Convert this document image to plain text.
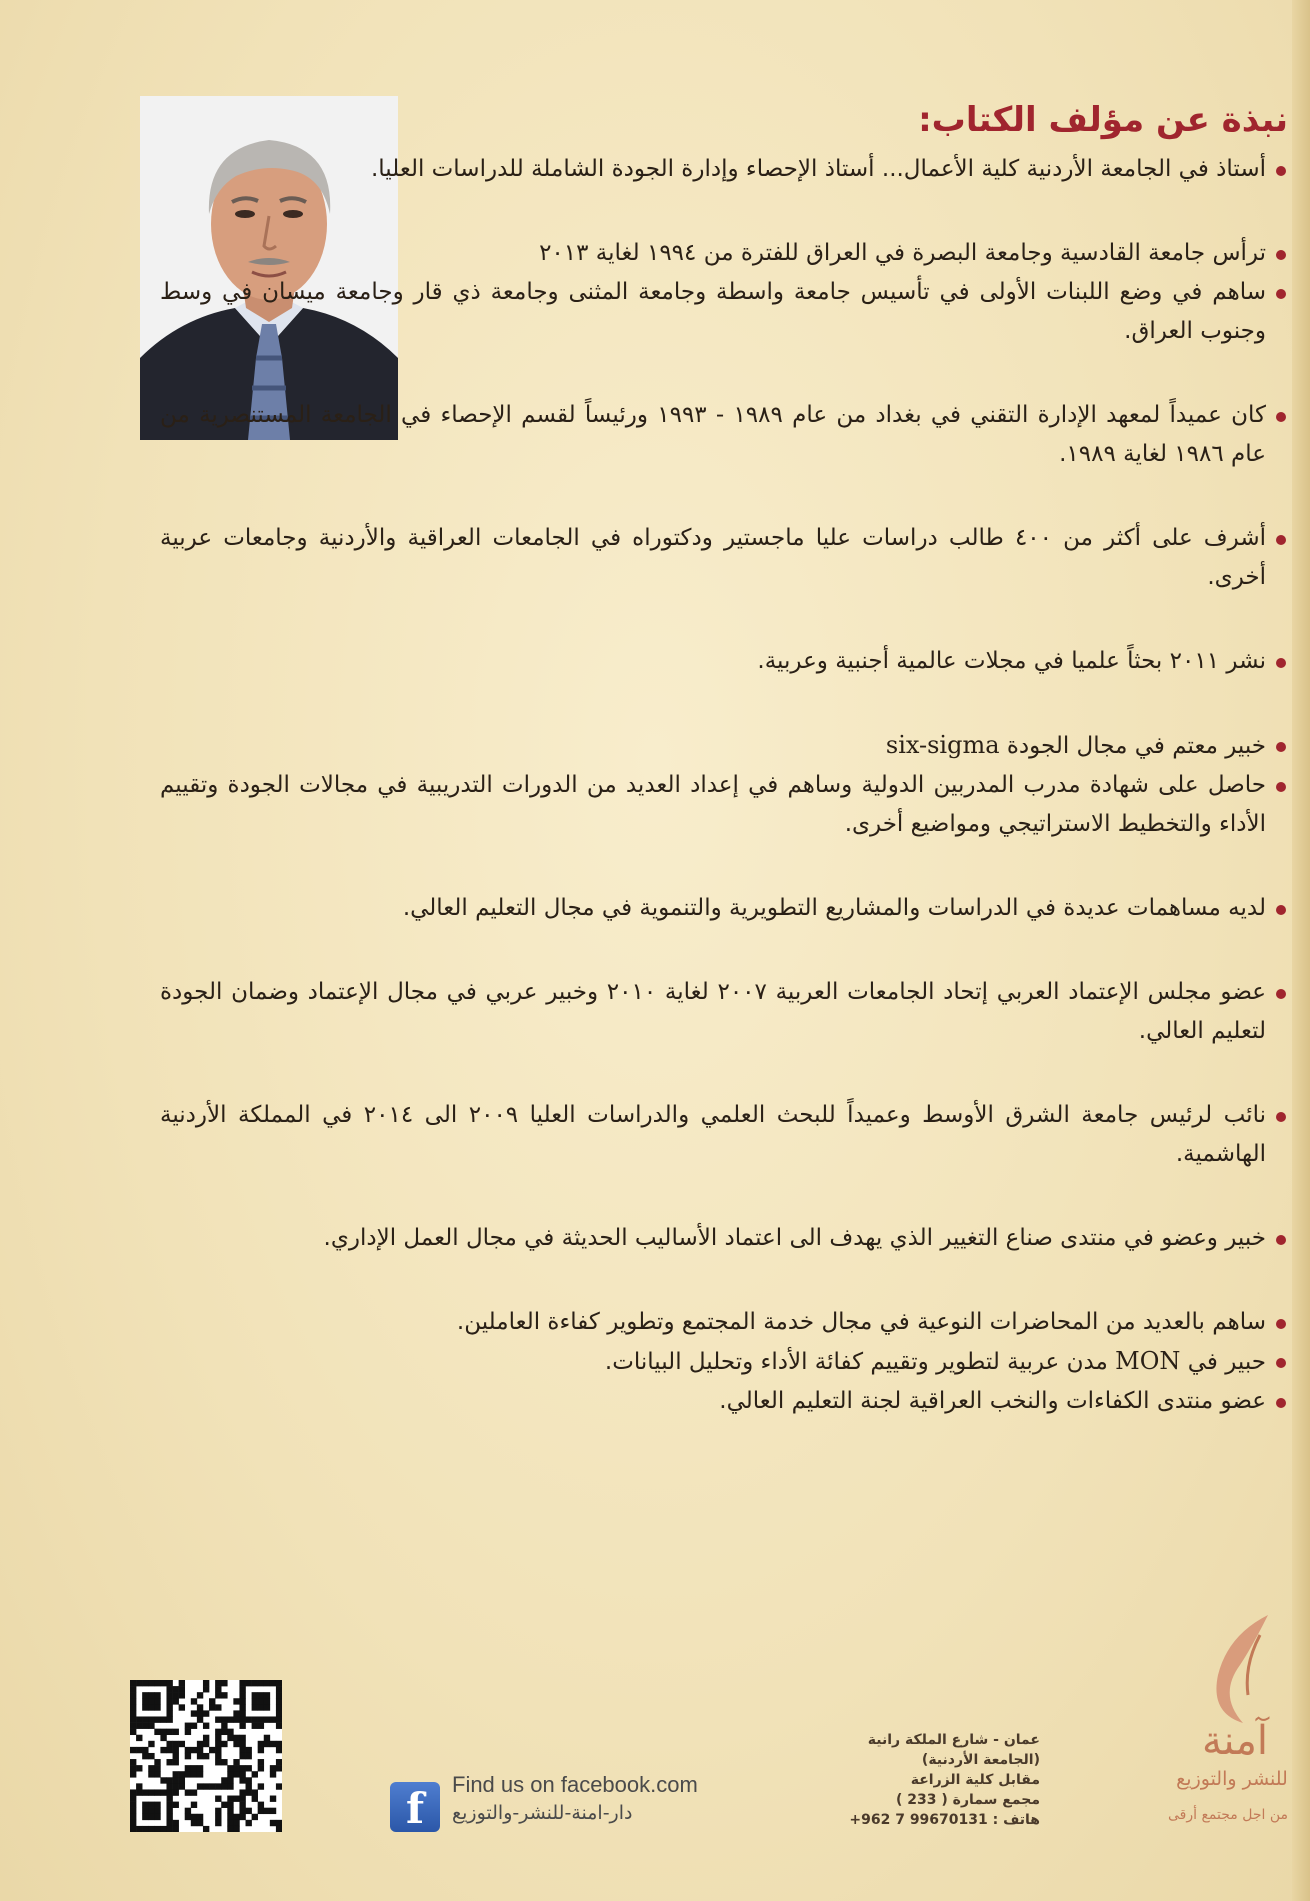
نبذة عن مؤلف الكتاب:
أستاذ في الجامعة الأردنية كلية الأعمال... أستاذ الإحصاء وإدارة الجودة الشاملة للدراسات العليا.
ترأس جامعة القادسية وجامعة البصرة في العراق للفترة من ١٩٩٤ لغاية ٢٠١٣
ساهم في وضع اللبنات الأولى في تأسيس جامعة واسطة وجامعة المثنى وجامعة ذي قار وجامعة ميسان في وسط وجنوب العراق.
كان عميداً لمعهد الإدارة التقني في بغداد من عام ١٩٨٩ - ١٩٩٣ ورئيساً لقسم الإحصاء في الجامعة المستنصرية من عام ١٩٨٦ لغاية ١٩٨٩.
أشرف على أكثر من ٤٠٠ طالب دراسات عليا ماجستير ودكتوراه في الجامعات العراقية والأردنية وجامعات عربية أخرى.
نشر ٢٠١١ بحثاً علميا في مجلات عالمية أجنبية وعربية.
خبير معتم في مجال الجودة six-sigma
حاصل على شهادة مدرب المدربين الدولية وساهم في إعداد العديد من الدورات التدريبية في مجالات الجودة وتقييم الأداء والتخطيط الاستراتيجي ومواضيع أخرى.
لديه مساهمات عديدة في الدراسات والمشاريع التطويرية والتنموية في مجال التعليم العالي.
عضو مجلس الإعتماد العربي إتحاد الجامعات العربية ٢٠٠٧ لغاية ٢٠١٠ وخبير عربي في مجال الإعتماد وضمان الجودة لتعليم العالي.
نائب لرئيس جامعة الشرق الأوسط وعميداً للبحث العلمي والدراسات العليا ٢٠٠٩ الى ٢٠١٤ في المملكة الأردنية الهاشمية.
خبير وعضو في منتدى صناع التغيير الذي يهدف الى اعتماد الأساليب الحديثة في مجال العمل الإداري.
ساهم بالعديد من المحاضرات النوعية في مجال خدمة المجتمع وتطوير كفاءة العاملين.
حبير في MON مدن عربية لتطوير وتقييم كفائة الأداء وتحليل البيانات.
عضو منتدى الكفاءات والنخب العراقية لجنة التعليم العالي.
f	Find us on facebook.com
دار-امنة-للنشر-والتوزيع
عمان - شارع الملكة رانية
(الجامعة الأردنية)
مقابل كلية الزراعة
مجمع سمارة ( 233 )
هاتف : +962 7 99670131
آمنة
للنشر والتوزيع
من اجل مجتمع أرقى
